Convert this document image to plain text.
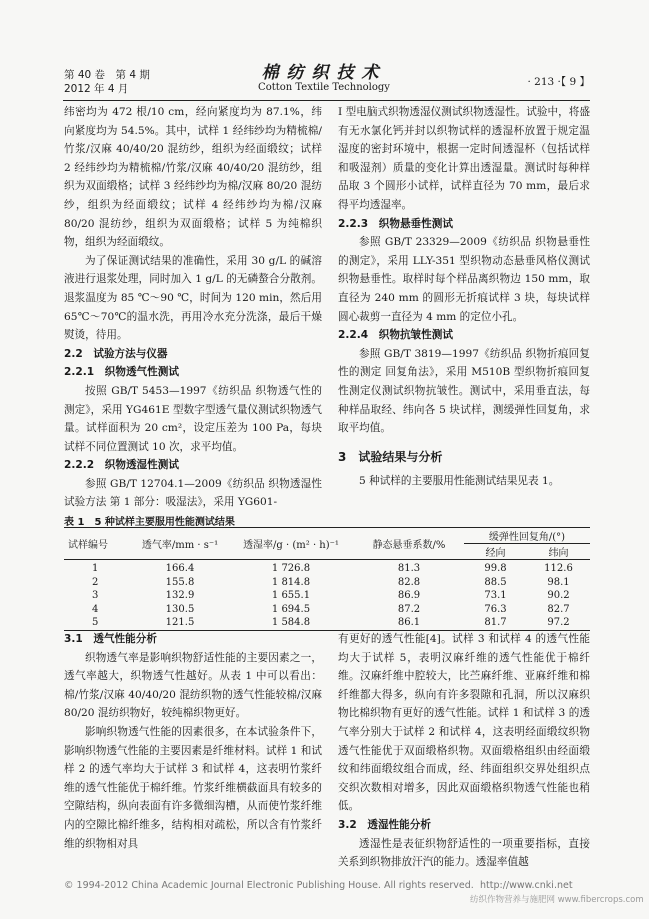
第 40 卷　第 4 期
2012 年 4 月
棉纺织技术
Cotton Textile Technology	· 213 ·【 9 】

纬密均为 472 根/10 cm，经向紧度均为 87.1%，纬向紧度均为 54.5%。其中，试样 1 经纬纱均为精梳棉/竹浆/汉麻 40/40/20 混纺纱，组织为经面缎纹；试样 2 经纬纱均为精梳棉/竹浆/汉麻 40/40/20 混纺纱，组织为双面缎格；试样 3 经纬纱均为棉/汉麻 80/20 混纺纱，组织为经面缎纹；试样 4 经纬纱均为棉/汉麻 80/20 混纺纱，组织为双面缎格；试样 5 为纯棉织物，组织为经面缎纹。

为了保证测试结果的准确性，采用 30 g/L 的碱溶液进行退浆处理，同时加入 1 g/L 的无磷螯合分散剂。退浆温度为 85 ℃～90 ℃，时间为 120 min，然后用 65℃～70℃的温水洗，再用冷水充分洗涤，最后干燥熨烫，待用。

2.2　试验方法与仪器

2.2.1　织物透气性测试

按照 GB/T 5453—1997《纺织品 织物透气性的测定》，采用 YG461E 型数字型透气量仪测试织物透气量。试样面积为 20 cm²，设定压差为 100 Pa，每块试样不同位置测试 10 次，求平均值。

2.2.2　织物透湿性测试

参照 GB/T 12704.1—2009《纺织品 织物透湿性试验方法 第 1 部分：吸湿法》，采用 YG601-

I 型电脑式织物透湿仪测试织物透湿性。试验中，将盛有无水氯化钙并封以织物试样的透湿杯放置于规定温湿度的密封环境中，根据一定时间透湿杯（包括试样和吸湿剂）质量的变化计算出透湿量。测试时每种样品取 3 个圆形小试样，试样直径为 70 mm，最后求得平均透湿率。

2.2.3　织物悬垂性测试

参照 GB/T 23329—2009《纺织品 织物悬垂性的测定》，采用 LLY-351 型织物动态悬垂风格仪测试织物悬垂性。取样时每个样品离织物边 150 mm，取直径为 240 mm 的圆形无折痕试样 3 块，每块试样圆心裁剪一直径为 4 mm 的定位小孔。

2.2.4　织物抗皱性测试

参照 GB/T 3819—1997《纺织品 织物折痕回复性的测定 回复角法》，采用 M510B 型织物折痕回复性测定仪测试织物抗皱性。测试中，采用垂直法，每种样品取经、纬向各 5 块试样，测缓弹性回复角，求取平均值。

3　试验结果与分析

5 种试样的主要服用性能测试结果见表 1。

表 1　5 种试样主要服用性能测试结果
试样编号	透气率/mm · s⁻¹	透湿率/g · (m² · h)⁻¹	静态悬垂系数/%	缓弹性回复角/(°)	
				经向	纬向
1	166.4	1 726.8	81.3	99.8	112.6
2	155.8	1 814.8	82.8	88.5	98.1
3	132.9	1 655.1	86.9	73.1	90.2
4	130.5	1 694.5	87.2	76.3	82.7
5	121.5	1 584.8	86.1	81.7	97.2

3.1　透气性能分析

织物透气率是影响织物舒适性能的主要因素之一，透气率越大，织物透气性越好。从表 1 中可以看出：棉/竹浆/汉麻 40/40/20 混纺织物的透气性能较棉/汉麻 80/20 混纺织物好，较纯棉织物更好。

影响织物透气性能的因素很多，在本试验条件下，影响织物透气性能的主要因素是纤维材料。试样 1 和试样 2 的透气率均大于试样 3 和试样 4，这表明竹浆纤维的透气性能优于棉纤维。竹浆纤维横截面具有较多的空隙结构，纵向表面有许多微细沟槽，从而使竹浆纤维内的空隙比棉纤维多，结构相对疏松，所以含有竹浆纤维的织物相对具

有更好的透气性能[4]。试样 3 和试样 4 的透气性能均大于试样 5，表明汉麻纤维的透气性能优于棉纤维。汉麻纤维中腔较大，比苎麻纤维、亚麻纤维和棉纤维都大得多，纵向有许多裂隙和孔洞，所以汉麻织物比棉织物有更好的透气性能。试样 1 和试样 3 的透气率分别大于试样 2 和试样 4，这表明经面缎纹织物透气性能优于双面缎格织物。双面缎格组织由经面缎纹和纬面缎纹组合而成，经、纬面组织交界处组织点交织次数相对增多，因此双面缎格织物透气性能也稍低。

3.2　透湿性能分析

透湿性是表征织物舒适性的一项重要指标，直接关系到织物排放汗汽的能力。透湿率值越

© 1994-2012 China Academic Journal Electronic Publishing House. All rights reserved. http://www.cnki.net
纺织作物营养与施肥网 www.fibercrops.com
